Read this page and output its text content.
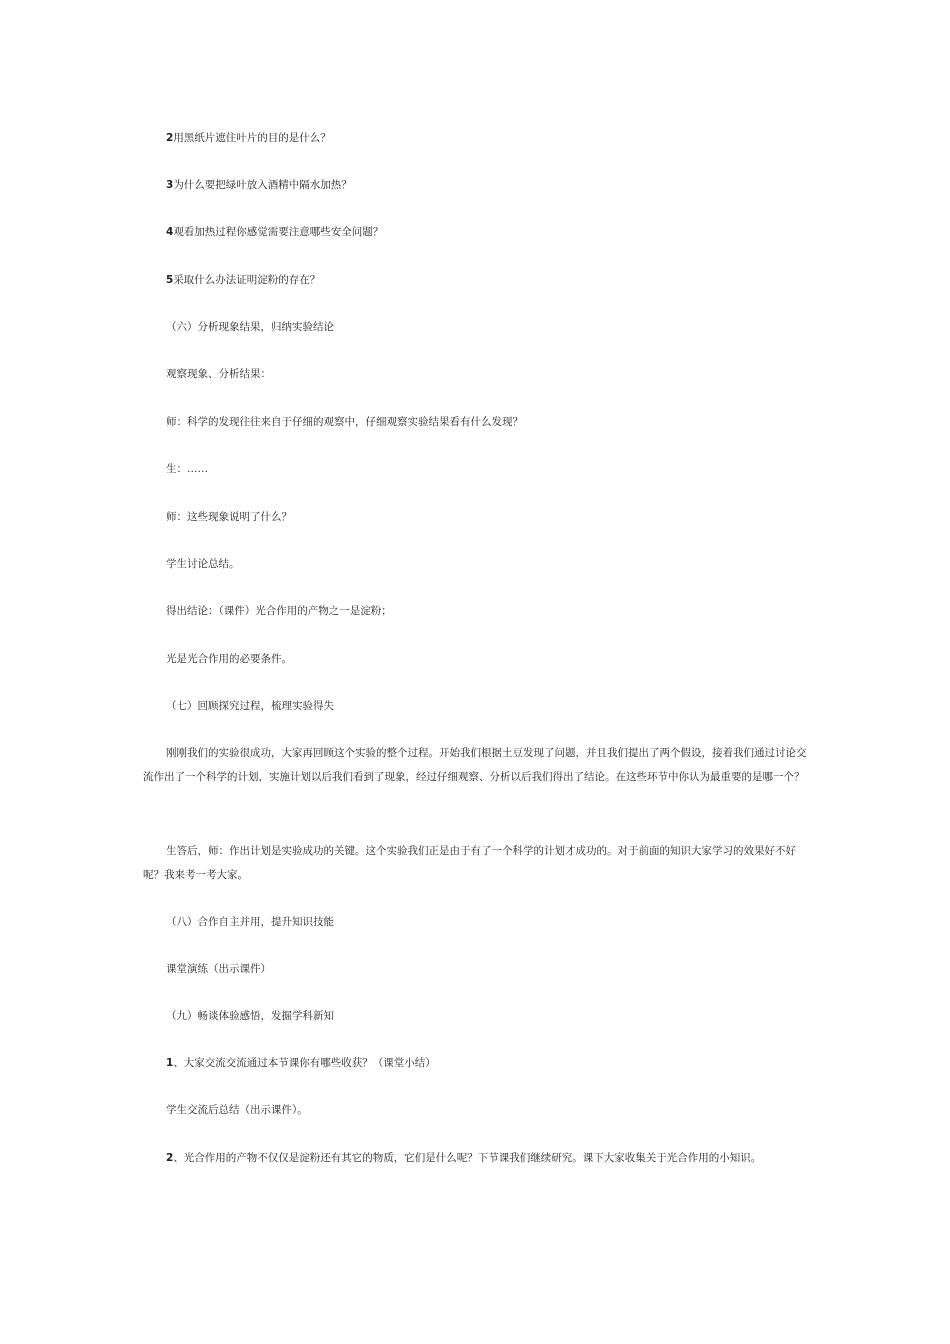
2用黑纸片遮住叶片的目的是什么？
3为什么要把绿叶放入酒精中隔水加热？
4观看加热过程你感觉需要注意哪些安全问题？
5采取什么办法证明淀粉的存在？
（六）分析现象结果，归纳实验结论
观察现象、分析结果：
师：科学的发现往往来自于仔细的观察中，仔细观察实验结果看有什么发现？
生：……
师：这些现象说明了什么？
学生讨论总结。
得出结论：（课件）光合作用的产物之一是淀粉；
光是光合作用的必要条件。
（七）回顾探究过程，梳理实验得失
刚刚我们的实验很成功，大家再回顾这个实验的整个过程。开始我们根据土豆发现了问题，并且我们提出了两个假设，接着我们通过讨论交流作出了一个科学的计划，实施计划以后我们看到了现象，经过仔细观察、分析以后我们得出了结论。在这些环节中你认为最重要的是哪一个？
生答后，师：作出计划是实验成功的关键。这个实验我们正是由于有了一个科学的计划才成功的。对于前面的知识大家学习的效果好不好呢？我来考一考大家。
（八）合作自主并用，提升知识技能
课堂演练（出示课件）
（九）畅谈体验感悟，发掘学科新知
1、大家交流交流通过本节课你有哪些收获？（课堂小结）
学生交流后总结（出示课件）。
2、光合作用的产物不仅仅是淀粉还有其它的物质，它们是什么呢？下节课我们继续研究。课下大家收集关于光合作用的小知识。
